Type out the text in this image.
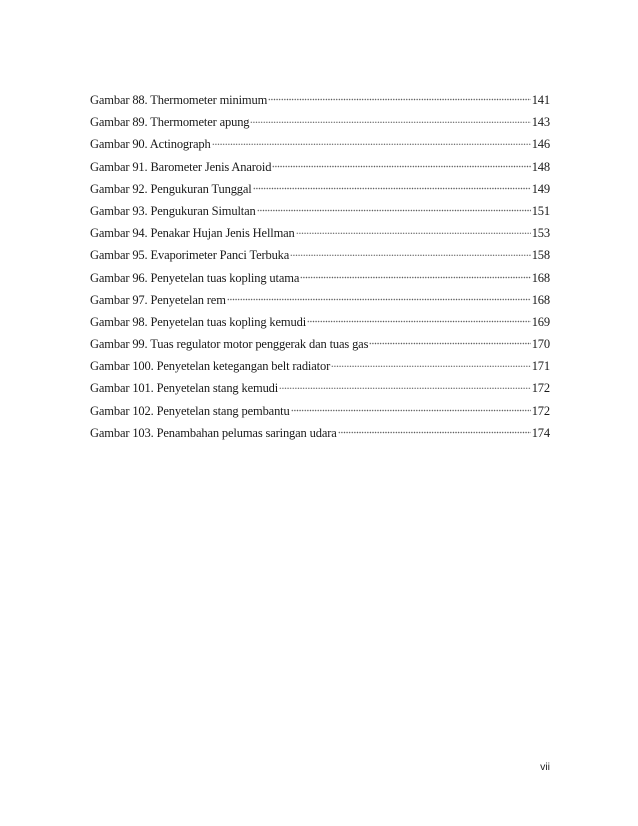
Gambar 88. Thermometer minimum	141
Gambar 89. Thermometer apung	143
Gambar 90. Actinograph	146
Gambar 91. Barometer Jenis Anaroid	148
Gambar 92. Pengukuran Tunggal	149
Gambar 93. Pengukuran Simultan	151
Gambar 94. Penakar Hujan Jenis Hellman	153
Gambar 95. Evaporimeter Panci Terbuka	158
Gambar 96. Penyetelan tuas kopling utama	168
Gambar 97. Penyetelan rem	168
Gambar 98. Penyetelan tuas kopling kemudi	169
Gambar 99. Tuas regulator motor penggerak dan tuas gas	170
Gambar 100. Penyetelan ketegangan belt radiator	171
Gambar 101. Penyetelan stang kemudi	172
Gambar 102. Penyetelan stang pembantu	172
Gambar 103. Penambahan pelumas saringan udara	174
vii
